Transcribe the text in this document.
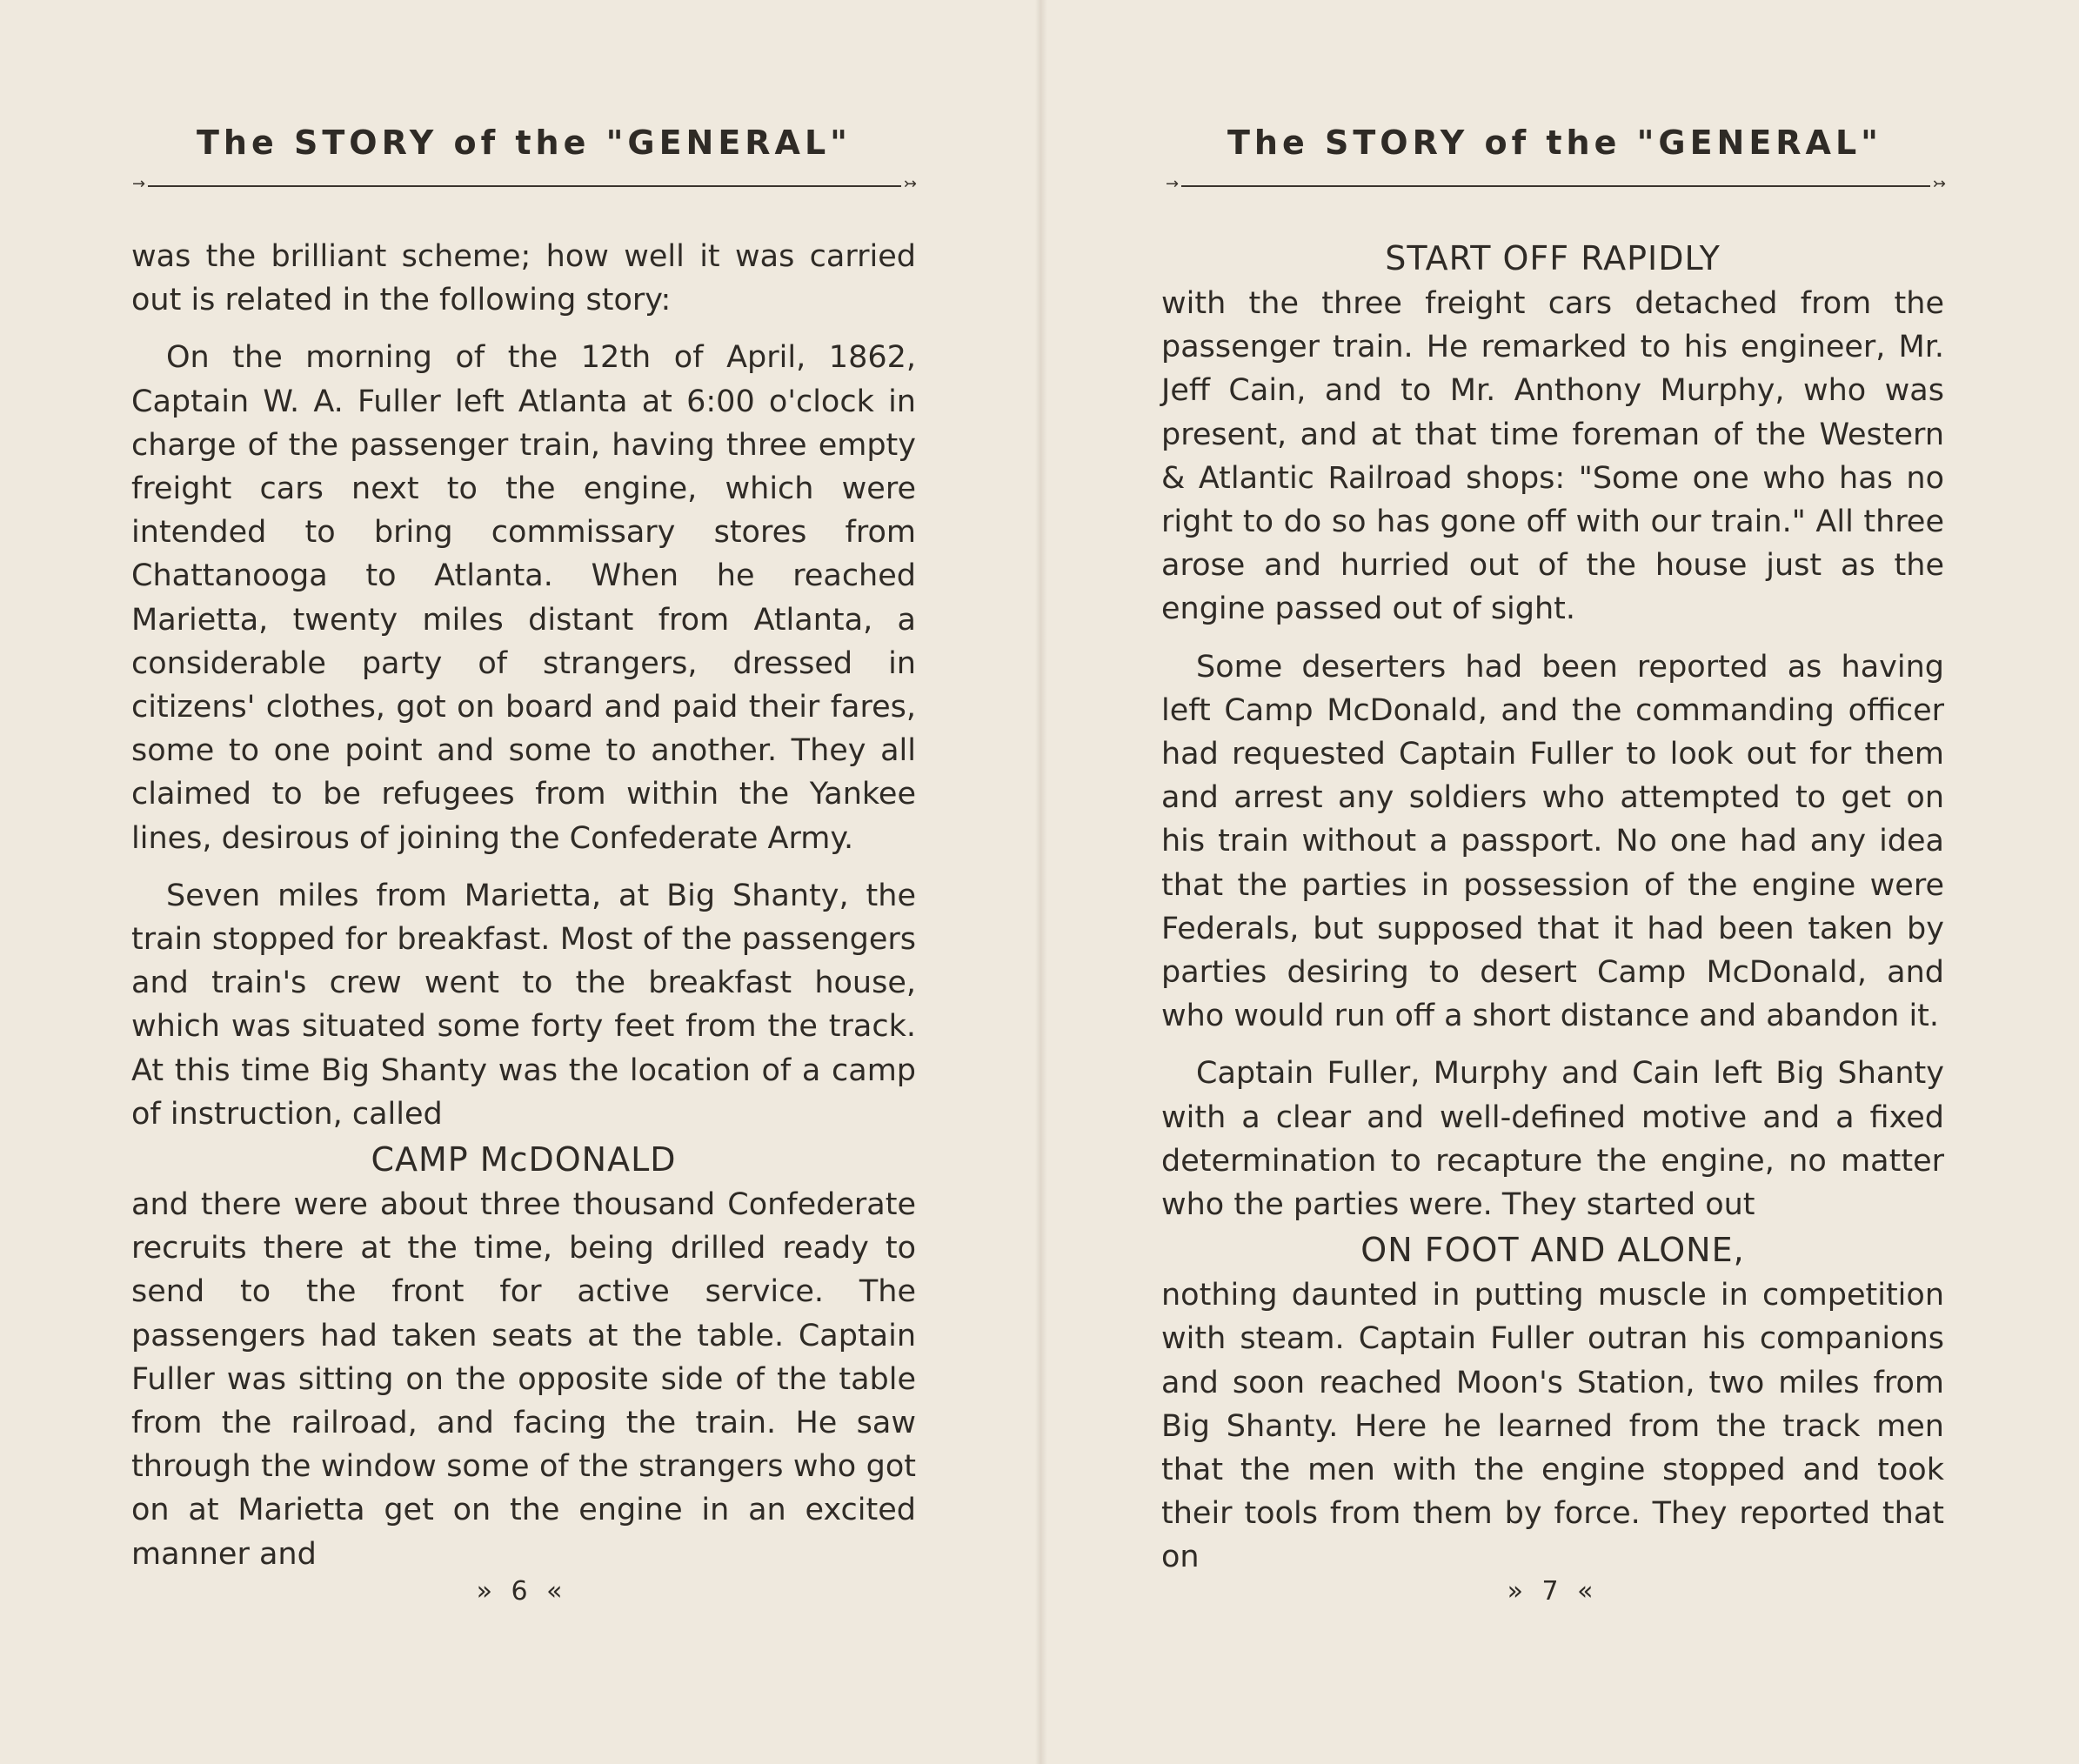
The STORY of the "GENERAL"
→	↣

was the brilliant scheme; how well it was carried out is related in the following story:

On the morning of the 12th of April, 1862, Captain W. A. Fuller left Atlanta at 6:00 o'clock in charge of the passenger train, having three empty freight cars next to the engine, which were intended to bring commissary stores from Chattanooga to Atlanta. When he reached Marietta, twenty miles distant from Atlanta, a considerable party of strangers, dressed in citizens' clothes, got on board and paid their fares, some to one point and some to another. They all claimed to be refugees from within the Yankee lines, desirous of joining the Confederate Army.

Seven miles from Marietta, at Big Shanty, the train stopped for breakfast. Most of the passengers and train's crew went to the breakfast house, which was situated some forty feet from the track. At this time Big Shanty was the location of a camp of instruction, called

CAMP McDONALD

and there were about three thousand Confederate recruits there at the time, being drilled ready to send to the front for active service. The passengers had taken seats at the table. Captain Fuller was sitting on the opposite side of the table from the railroad, and facing the train. He saw through the window some of the strangers who got on at Marietta get on the engine in an excited manner and

» 6 «
The STORY of the "GENERAL"
→	↣
START OFF RAPIDLY

with the three freight cars detached from the passenger train. He remarked to his engineer, Mr. Jeff Cain, and to Mr. Anthony Murphy, who was present, and at that time foreman of the Western & Atlantic Railroad shops: "Some one who has no right to do so has gone off with our train." All three arose and hurried out of the house just as the engine passed out of sight.

Some deserters had been reported as having left Camp McDonald, and the commanding officer had requested Captain Fuller to look out for them and arrest any soldiers who attempted to get on his train without a passport. No one had any idea that the parties in possession of the engine were Federals, but supposed that it had been taken by parties desiring to desert Camp McDonald, and who would run off a short distance and abandon it.

Captain Fuller, Murphy and Cain left Big Shanty with a clear and well-defined motive and a fixed determination to recapture the engine, no matter who the parties were. They started out

ON FOOT AND ALONE,

nothing daunted in putting muscle in competition with steam. Captain Fuller outran his companions and soon reached Moon's Station, two miles from Big Shanty. Here he learned from the track men that the men with the engine stopped and took their tools from them by force. They reported that on

» 7 «
